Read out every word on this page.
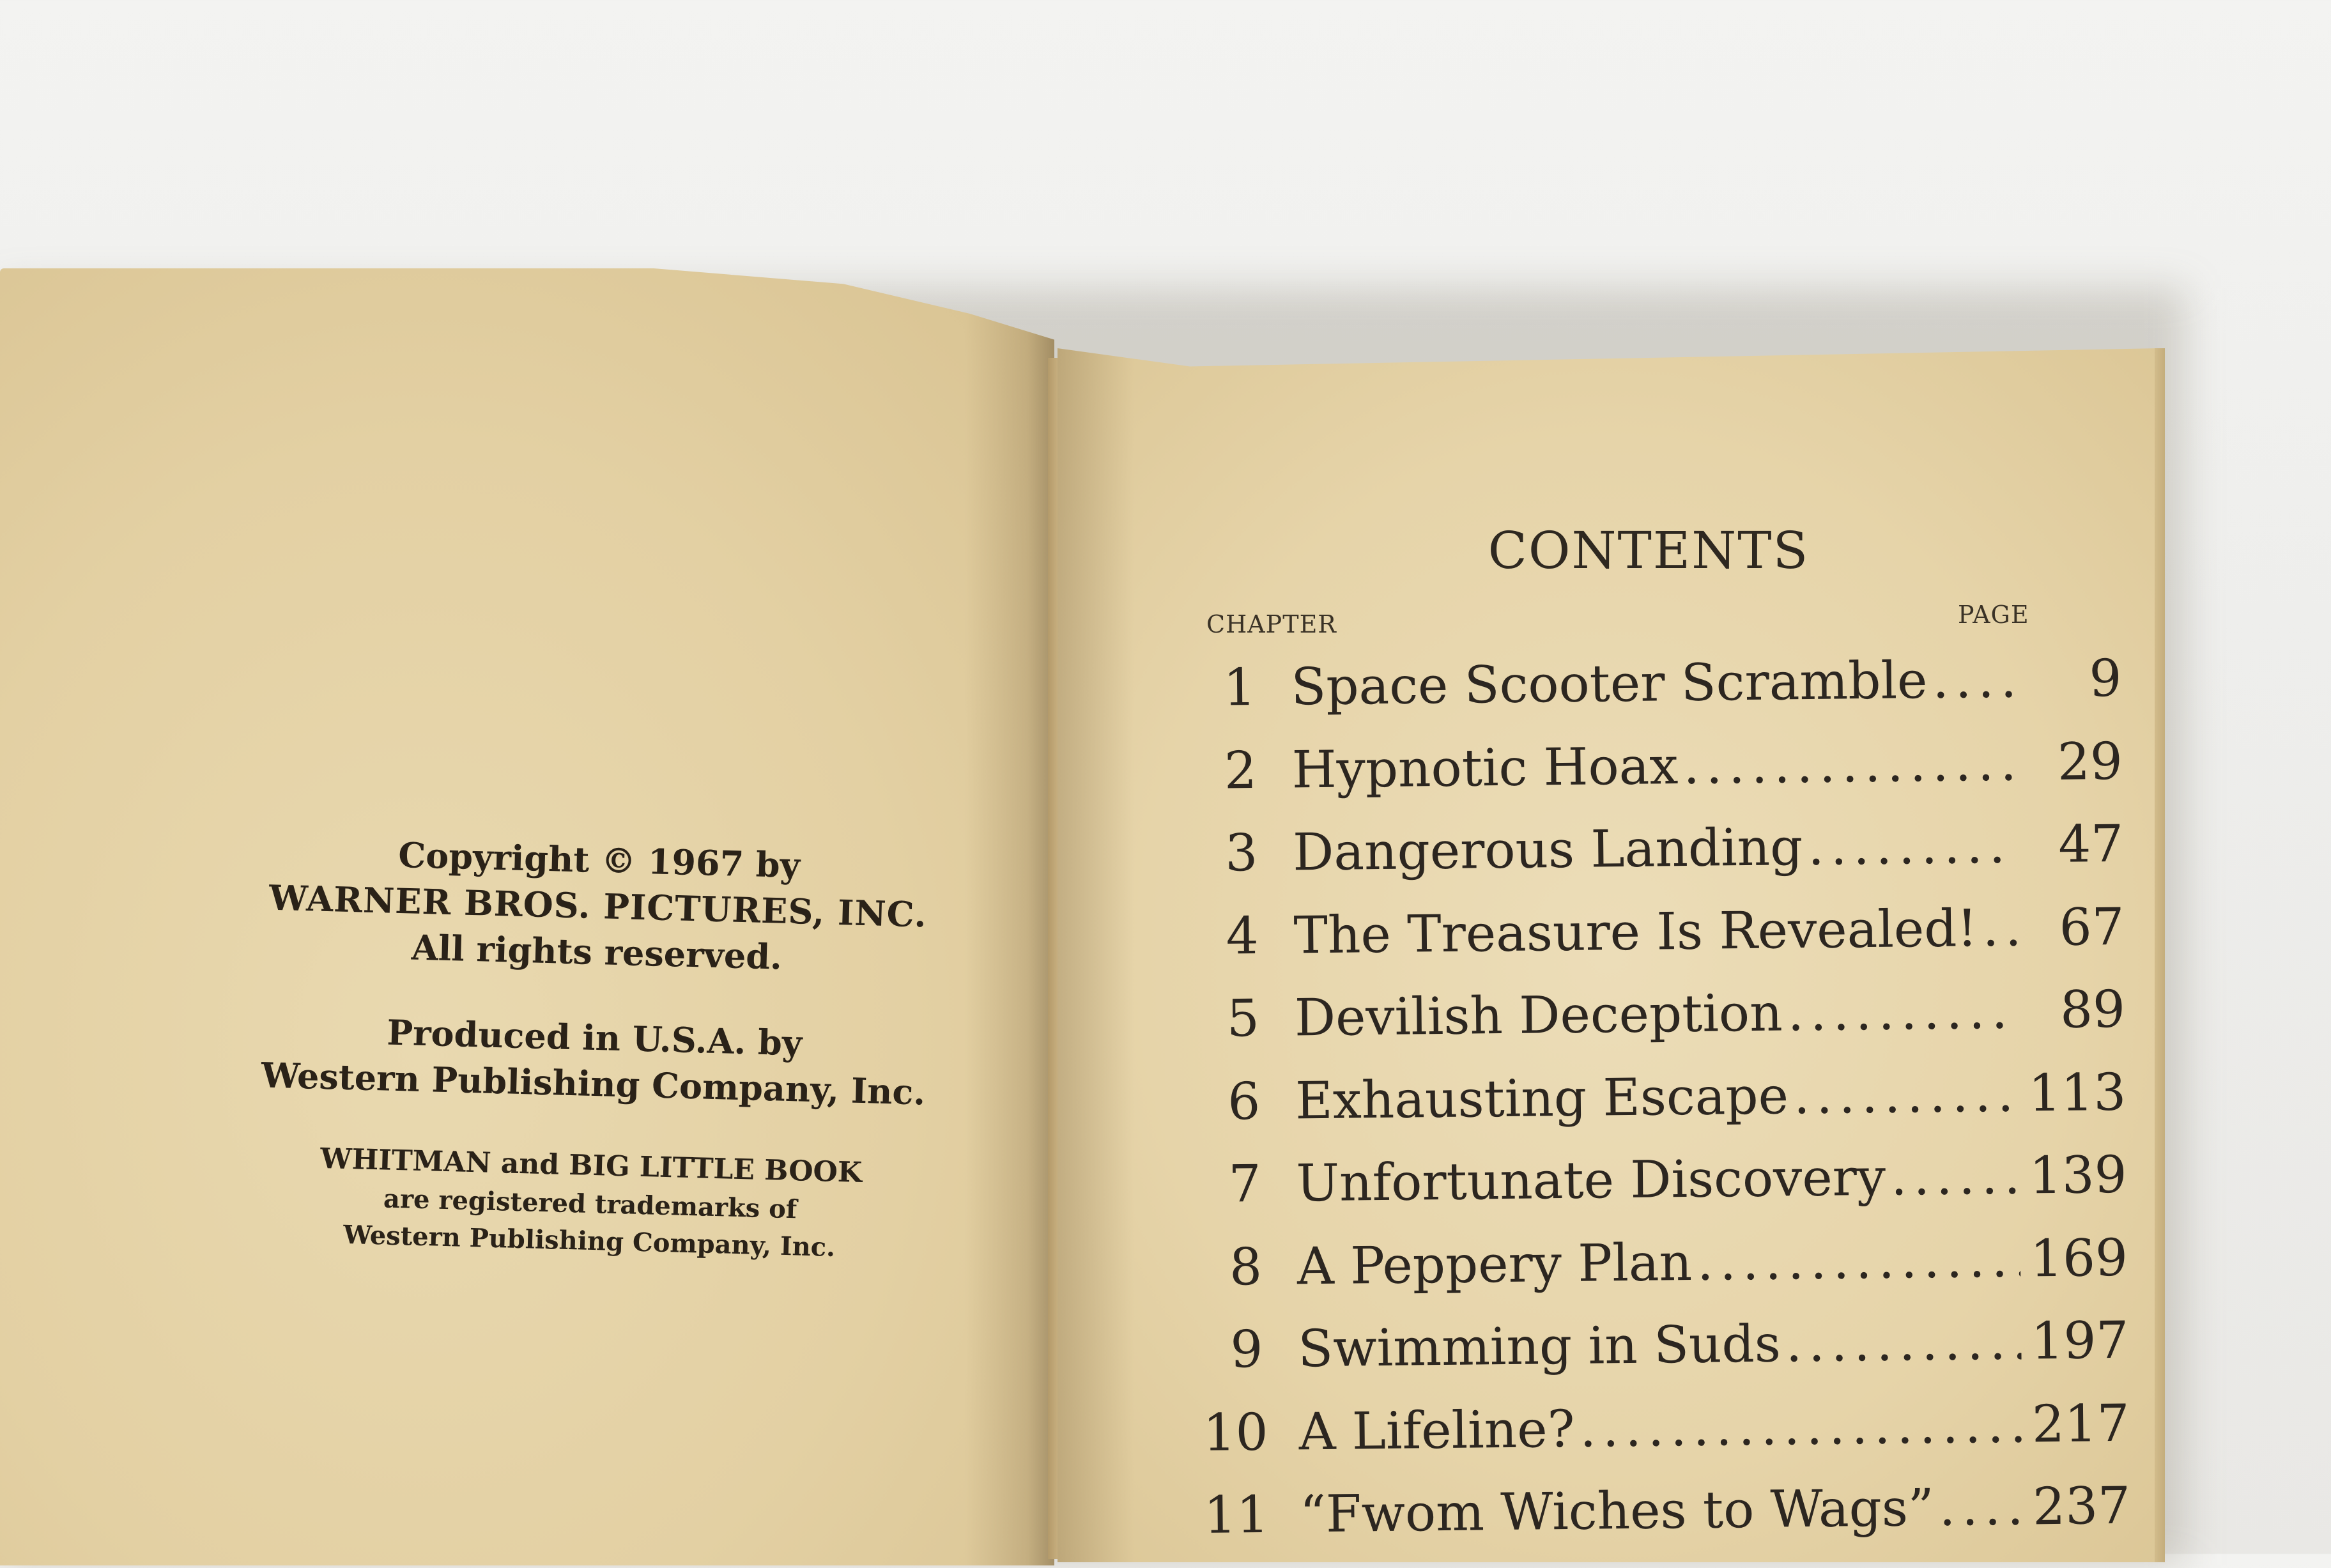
Copyright © 1967 by
WARNER BROS. PICTURES, INC.
All rights reserved.
Produced in U.S.A. by
Western Publishing Company, Inc.
WHITMAN and BIG LITTLE BOOK
are registered trademarks of
Western Publishing Company, Inc.
CONTENTS
CHAPTER	PAGE
1 Space Scooter Scramble .....	9
2 Hypnotic Hoax .....	29
3 Dangerous Landing .....	47
4 The Treasure Is Revealed! .....	67
5 Devilish Deception .....	89
6 Exhausting Escape .....	113
7 Unfortunate Discovery .....	139
8 A Peppery Plan .....	169
9 Swimming in Suds .....	197
10 A Lifeline? .....	217
11 “Fwom Wiches to Wags” ..... 237
